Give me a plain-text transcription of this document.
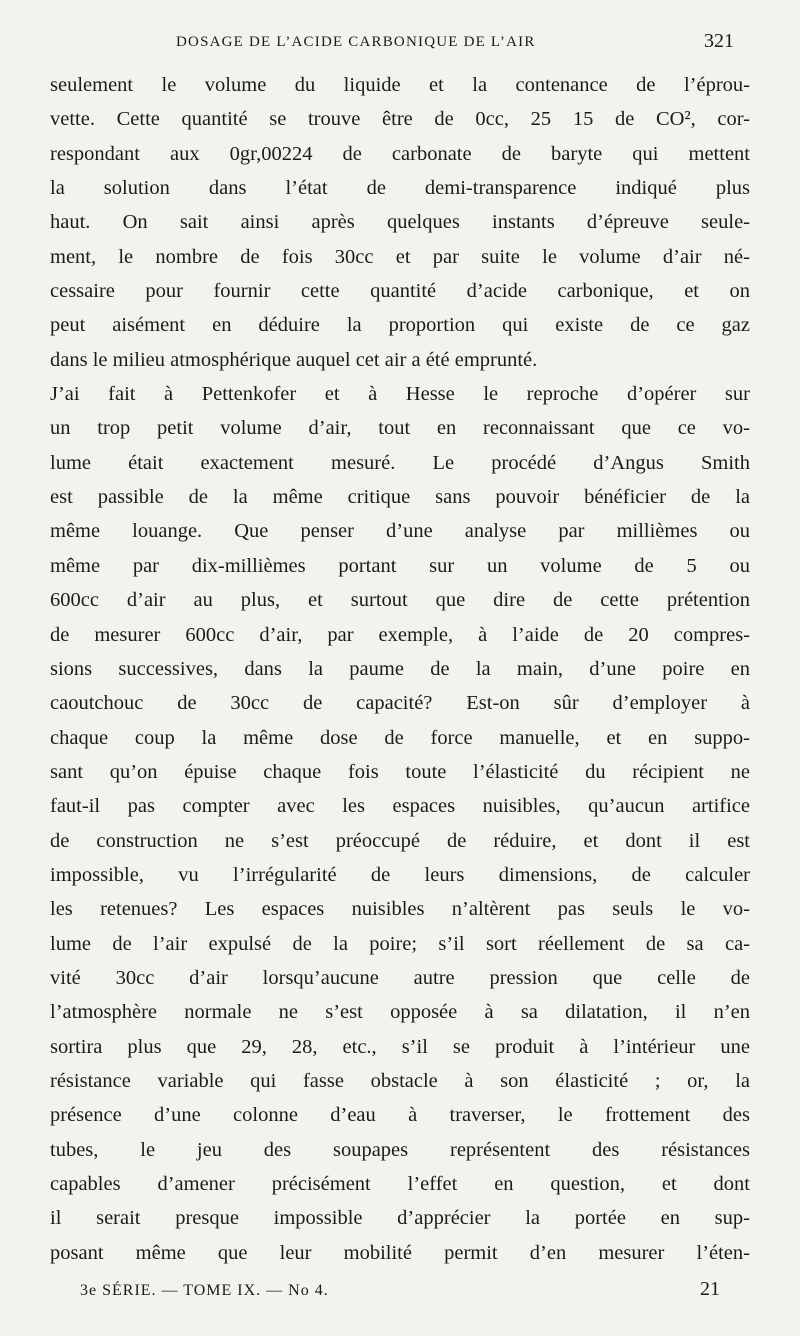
DOSAGE DE L’ACIDE CARBONIQUE DE L’AIR	321
seulement le volume du liquide et la contenance de l’éprou-
vette. Cette quantité se trouve être de 0cc, 25 15 de CO², cor-
respondant aux 0gr,00224 de carbonate de baryte qui mettent
la solution dans l’état de demi-transparence indiqué plus
haut. On sait ainsi après quelques instants d’épreuve seule-
ment, le nombre de fois 30cc et par suite le volume d’air né-
cessaire pour fournir cette quantité d’acide carbonique, et on
peut aisément en déduire la proportion qui existe de ce gaz
dans le milieu atmosphérique auquel cet air a été emprunté.
J’ai fait à Pettenkofer et à Hesse le reproche d’opérer sur
un trop petit volume d’air, tout en reconnaissant que ce vo-
lume était exactement mesuré. Le procédé d’Angus Smith
est passible de la même critique sans pouvoir bénéficier de la
même louange. Que penser d’une analyse par millièmes ou
même par dix-millièmes portant sur un volume de 5 ou
600cc d’air au plus, et surtout que dire de cette prétention
de mesurer 600cc d’air, par exemple, à l’aide de 20 compres-
sions successives, dans la paume de la main, d’une poire en
caoutchouc de 30cc de capacité? Est-on sûr d’employer à
chaque coup la même dose de force manuelle, et en suppo-
sant qu’on épuise chaque fois toute l’élasticité du récipient ne
faut-il pas compter avec les espaces nuisibles, qu’aucun artifice
de construction ne s’est préoccupé de réduire, et dont il est
impossible, vu l’irrégularité de leurs dimensions, de calculer
les retenues? Les espaces nuisibles n’altèrent pas seuls le vo-
lume de l’air expulsé de la poire; s’il sort réellement de sa ca-
vité 30cc d’air lorsqu’aucune autre pression que celle de
l’atmosphère normale ne s’est opposée à sa dilatation, il n’en
sortira plus que 29, 28, etc., s’il se produit à l’intérieur une
résistance variable qui fasse obstacle à son élasticité ; or, la
présence d’une colonne d’eau à traverser, le frottement des
tubes, le jeu des soupapes représentent des résistances
capables d’amener précisément l’effet en question, et dont
il serait presque impossible d’apprécier la portée en sup-
posant même que leur mobilité permit d’en mesurer l’éten-
3e SÉRIE. — TOME IX. — No 4.	21
